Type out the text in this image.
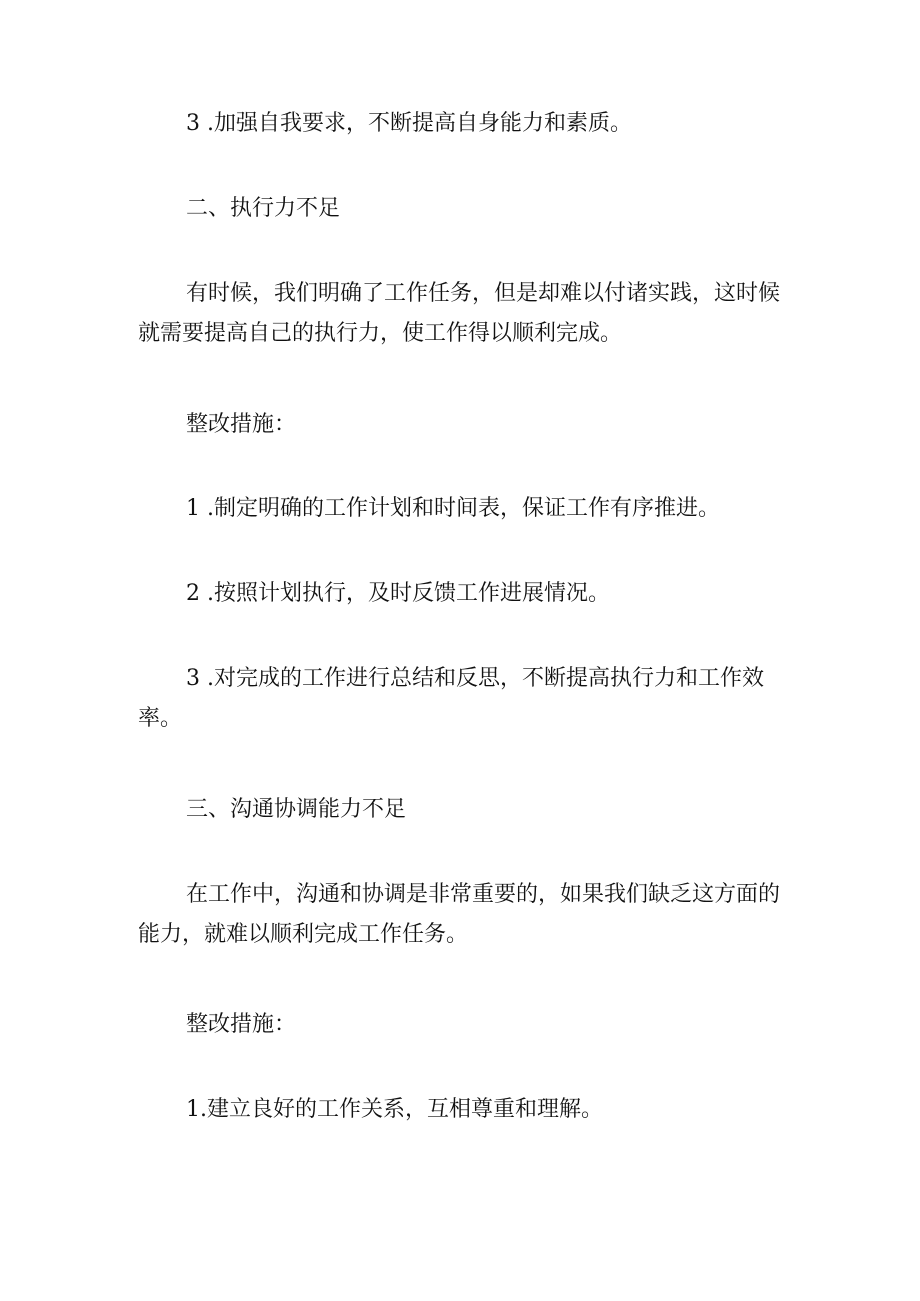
3 .加强自我要求，不断提高自身能力和素质。

二、执行力不足

有时候，我们明确了工作任务，但是却难以付诸实践，这时候就需要提高自己的执行力，使工作得以顺利完成。

整改措施：

1 .制定明确的工作计划和时间表，保证工作有序推进。

2 .按照计划执行，及时反馈工作进展情况。

3 .对完成的工作进行总结和反思，不断提高执行力和工作效率。

三、沟通协调能力不足

在工作中，沟通和协调是非常重要的，如果我们缺乏这方面的能力，就难以顺利完成工作任务。

整改措施：

1.建立良好的工作关系，互相尊重和理解。
